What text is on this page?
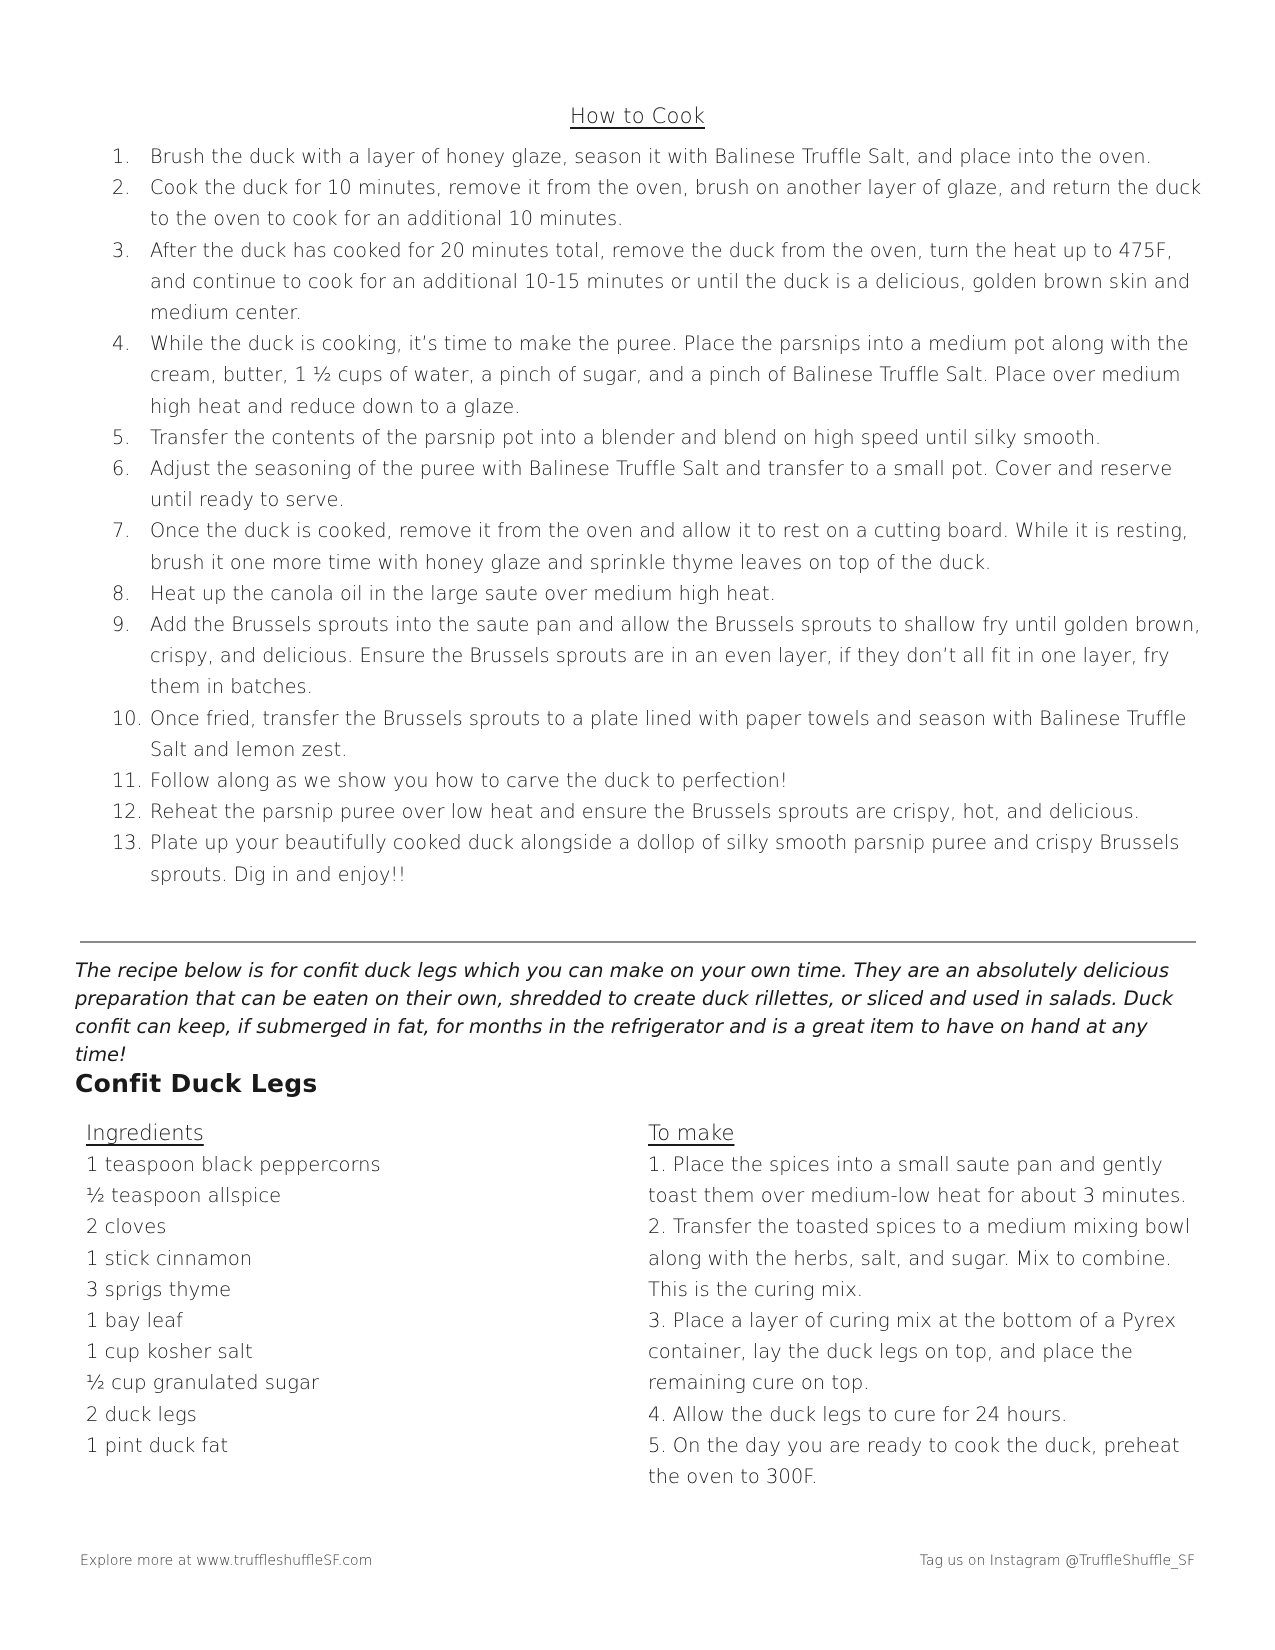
How to Cook
1.	Brush the duck with a layer of honey glaze, season it with Balinese Truffle Salt, and place into the oven.
2.	Cook the duck for 10 minutes, remove it from the oven, brush on another layer of glaze, and return the duck to the oven to cook for an additional 10 minutes.
3.	After the duck has cooked for 20 minutes total, remove the duck from the oven, turn the heat up to 475F, and continue to cook for an additional 10-15 minutes or until the duck is a delicious, golden brown skin and medium center.
4.	While the duck is cooking, it’s time to make the puree. Place the parsnips into a medium pot along with the cream, butter, 1 ½ cups of water, a pinch of sugar, and a pinch of Balinese Truffle Salt. Place over medium high heat and reduce down to a glaze.
5.	Transfer the contents of the parsnip pot into a blender and blend on high speed until silky smooth.
6.	Adjust the seasoning of the puree with Balinese Truffle Salt and transfer to a small pot. Cover and reserve until ready to serve.
7.	Once the duck is cooked, remove it from the oven and allow it to rest on a cutting board. While it is resting, brush it one more time with honey glaze and sprinkle thyme leaves on top of the duck.
8.	Heat up the canola oil in the large saute over medium high heat.
9.	Add the Brussels sprouts into the saute pan and allow the Brussels sprouts to shallow fry until golden brown, crispy, and delicious. Ensure the Brussels sprouts are in an even layer, if they don’t all fit in one layer, fry them in batches.
10. Once fried, transfer the Brussels sprouts to a plate lined with paper towels and season with Balinese Truffle Salt and lemon zest.
11. Follow along as we show you how to carve the duck to perfection!
12. Reheat the parsnip puree over low heat and ensure the Brussels sprouts are crispy, hot, and delicious.
13. Plate up your beautifully cooked duck alongside a dollop of silky smooth parsnip puree and crispy Brussels sprouts. Dig in and enjoy!!
The recipe below is for confit duck legs which you can make on your own time. They are an absolutely delicious preparation that can be eaten on their own, shredded to create duck rillettes, or sliced and used in salads. Duck confit can keep, if submerged in fat, for months in the refrigerator and is a great item to have on hand at any time!
Confit Duck Legs
Ingredients
1 teaspoon black peppercorns
½ teaspoon allspice
2 cloves
1 stick cinnamon
3 sprigs thyme
1 bay leaf
1 cup kosher salt
½ cup granulated sugar
2 duck legs
1 pint duck fat
To make
1. Place the spices into a small saute pan and gently toast them over medium-low heat for about 3 minutes.
2. Transfer the toasted spices to a medium mixing bowl along with the herbs, salt, and sugar. Mix to combine. This is the curing mix.
3. Place a layer of curing mix at the bottom of a Pyrex container, lay the duck legs on top, and place the remaining cure on top.
4. Allow the duck legs to cure for 24 hours.
5. On the day you are ready to cook the duck, preheat the oven to 300F.
Explore more at www.truffleshuffleSF.com	Tag us on Instagram @TruffleShuffle_SF
